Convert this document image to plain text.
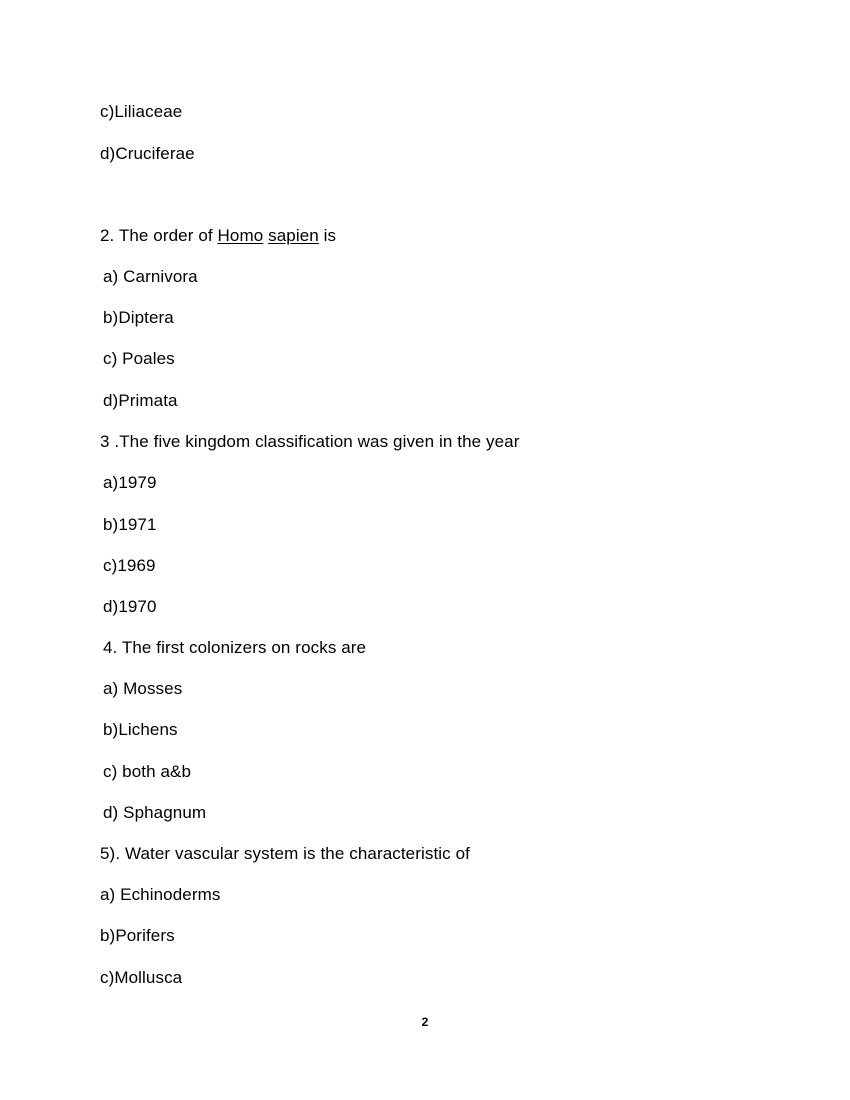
c)Liliaceae
d)Cruciferae
2. The order of Homo sapien is
a) Carnivora
b)Diptera
c) Poales
d)Primata
3 .The five kingdom classification was given in the year
a)1979
b)1971
c)1969
d)1970
4. The first colonizers on rocks are
a) Mosses
b)Lichens
c) both a&b
d) Sphagnum
5). Water vascular system is the characteristic of
a) Echinoderms
b)Porifers
c)Mollusca
2
